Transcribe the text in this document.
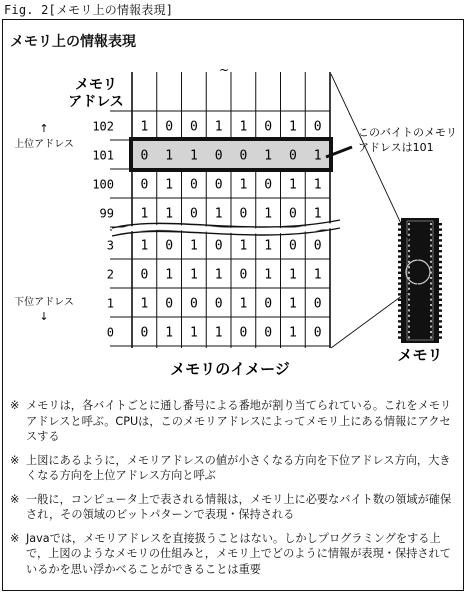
Fig. 2[メモリ上の情報表現]
メモリ上の情報表現
メモリ
アドレス
↑
上位アドレス
下位アドレス
↓
~
102 1 0 0 1 1 0 1 0
101 0 1 1 0 0 1 0 1
100 0 1 0 0 1 0 1 1
99 1 1 0 1 0 1 0 1
3 1 0 1 0 1 1 0 0
2 0 1 1 1 0 1 1 1
1 1 0 0 0 1 0 1 0
0 0 1 1 1 0 0 1 0
このバイトのメモリ
アドレスは101
メモリのイメージ
メモリ
※ メモリは，各バイトごとに通し番号による番地が割り当てられている。これをメモリアドレスと呼ぶ。CPUは，このメモリアドレスによってメモリ上にある情報にアクセスする
※ 上図にあるように，メモリアドレスの値が小さくなる方向を下位アドレス方向，大きくなる方向を上位アドレス方向と呼ぶ
※ 一般に，コンピュータ上で表される情報は，メモリ上に必要なバイト数の領域が確保され，その領域のビットパターンで表現・保持される
※ Javaでは，メモリアドレスを直接扱うことはない。しかしプログラミングをする上で，上図のようなメモリの仕組みと，メモリ上でどのように情報が表現・保持されているかを思い浮かべることができることは重要
